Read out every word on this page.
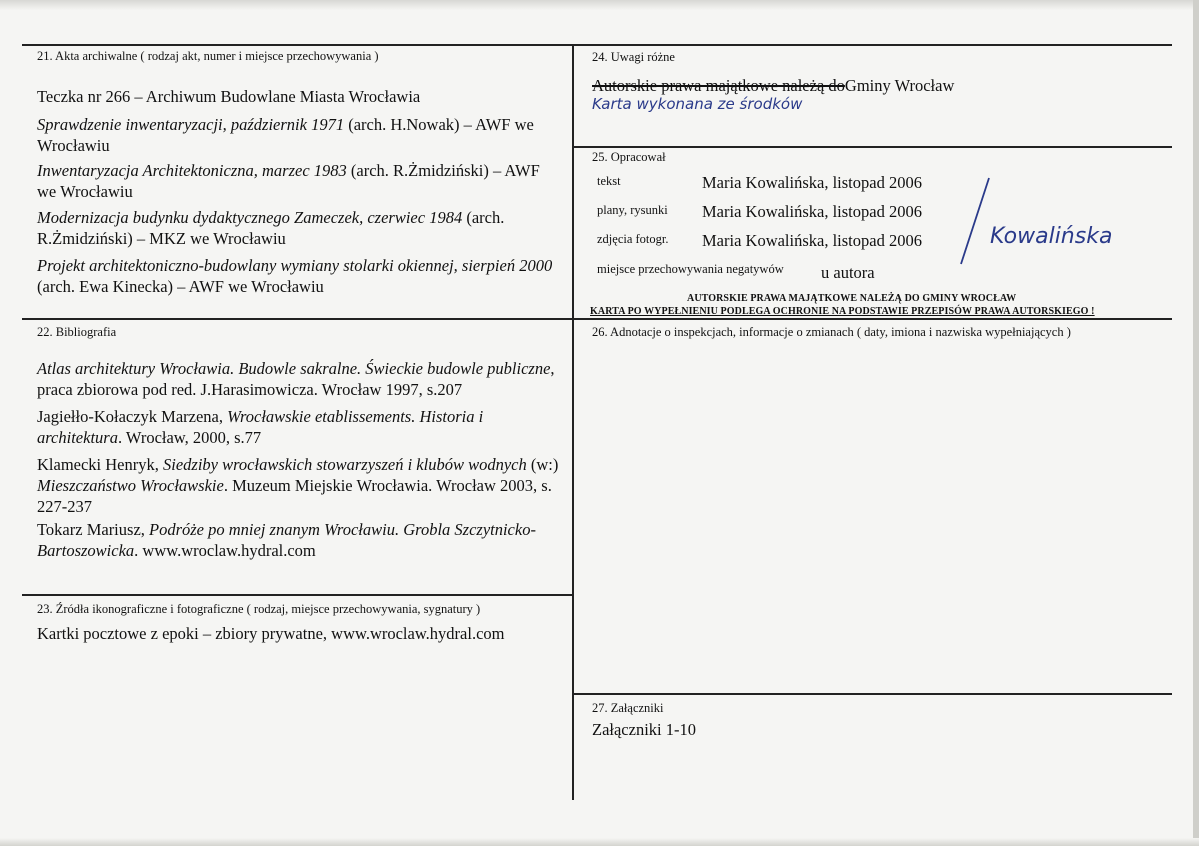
21. Akta archiwalne ( rodzaj akt, numer i miejsce przechowywania )
Teczka nr 266 – Archiwum Budowlane Miasta Wrocławia
Sprawdzenie inwentaryzacji, październik 1971 (arch. H.Nowak) – AWF we Wrocławiu
Inwentaryzacja Architektoniczna, marzec 1983 (arch. R.Żmidziński) – AWF we Wrocławiu
Modernizacja budynku dydaktycznego Zameczek, czerwiec 1984 (arch. R.Żmidziński) – MKZ we Wrocławiu
Projekt architektoniczno-budowlany wymiany stolarki okiennej, sierpień 2000 (arch. Ewa Kinecka) – AWF we Wrocławiu
22. Bibliografia
Atlas architektury Wrocławia. Budowle sakralne. Świeckie budowle publiczne, praca zbiorowa pod red. J.Harasimowicza. Wrocław 1997, s.207
Jagiełło-Kołaczyk Marzena, Wrocławskie etablissements. Historia i architektura. Wrocław, 2000, s.77
Klamecki Henryk, Siedziby wrocławskich stowarzyszeń i klubów wodnych (w:) Mieszczaństwo Wrocławskie. Muzeum Miejskie Wrocławia. Wrocław 2003, s. 227-237
Tokarz Mariusz, Podróże po mniej znanym Wrocławiu. Grobla Szczytnicko-Bartoszowicka. www.wroclaw.hydral.com
23. Źródła ikonograficzne i fotograficzne ( rodzaj, miejsce przechowywania, sygnatury )
Kartki pocztowe z epoki – zbiory prywatne, www.wroclaw.hydral.com
24. Uwagi różne
Autorskie prawa majątkowe należą doGminy Wrocław
Karta wykonana ze środków
25. Opracował
tekst	Maria Kowalińska, listopad 2006
plany, rysunki Maria Kowalińska, listopad 2006
zdjęcia fotogr. Maria Kowalińska, listopad 2006
miejsce przechowywania negatywów u autora
Kowalińska
AUTORSKIE PRAWA MAJĄTKOWE NALEŻĄ DO GMINY WROCŁAW
KARTA PO WYPEŁNIENIU PODLEGA OCHRONIE NA PODSTAWIE PRZEPISÓW PRAWA AUTORSKIEGO !
26. Adnotacje o inspekcjach, informacje o zmianach ( daty, imiona i nazwiska wypełniających )
27. Załączniki
Załączniki 1-10
